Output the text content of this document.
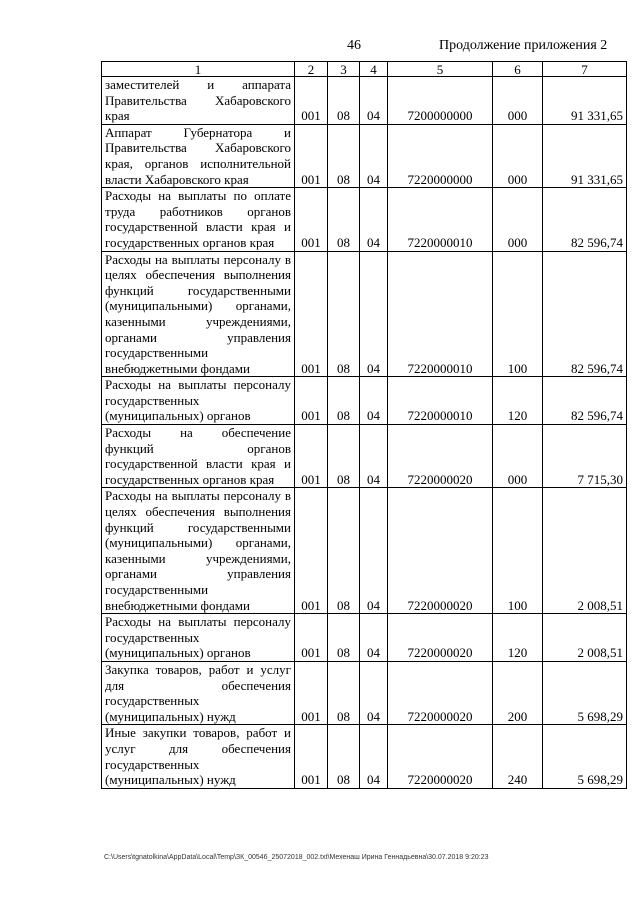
46	Продолжение приложения 2
1	2	3	4	5	6	7
заместителей и аппарата Правительства Хабаровского края	001	08	04	7200000000	000	91 331,65
Аппарат Губернатора и Правительства Хабаровского края, органов исполнительной власти Хабаровского края	001	08	04	7220000000	000	91 331,65
Расходы на выплаты по оплате труда работников органов государственной власти края и государственных органов края	001	08	04	7220000010	000	82 596,74
Расходы на выплаты персоналу в целях обеспечения выполнения функций государственными (муниципальными) органами, казенными учреждениями, органами управления государственными внебюджетными фондами	001	08	04	7220000010	100	82 596,74
Расходы на выплаты персоналу государственных (муниципальных) органов	001	08	04	7220000010	120	82 596,74
Расходы на обеспечение функций органов государственной власти края и государственных органов края	001	08	04	7220000020	000	7 715,30
Расходы на выплаты персоналу в целях обеспечения выполнения функций государственными (муниципальными) органами, казенными учреждениями, органами управления государственными внебюджетными фондами	001	08	04	7220000020	100	2 008,51
Расходы на выплаты персоналу государственных (муниципальных) органов	001	08	04	7220000020	120	2 008,51
Закупка товаров, работ и услуг для обеспечения государственных (муниципальных) нужд	001	08	04	7220000020	200	5 698,29
Иные закупки товаров, работ и услуг для обеспечения государственных (муниципальных) нужд	001	08	04	7220000020	240	5 698,29
C:\Users\tgnatolkina\AppData\Local\Temp\ЗК_00546_25072018_002.txt\Мехенаш Ирина Геннадьевна\30.07.2018 9:20:23
